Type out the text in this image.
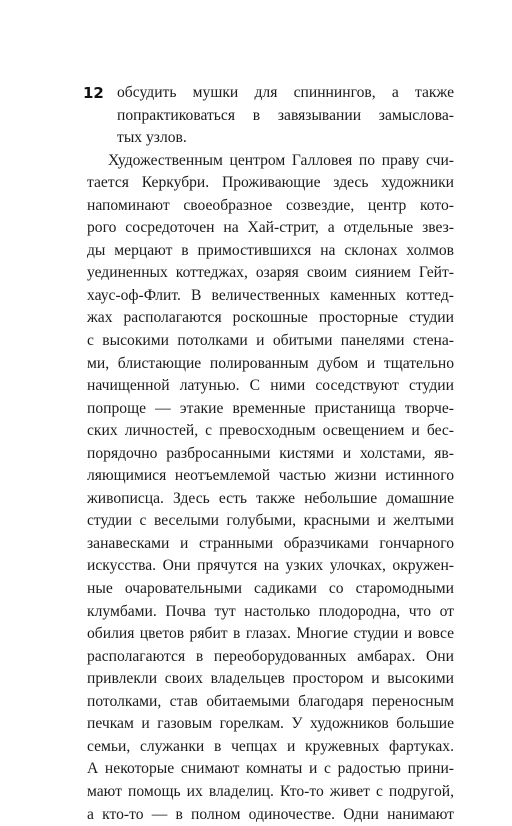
12 обсудить мушки для спиннингов, а также
попрактиковаться в завязывании замыслова-
тых узлов.
Художественным центром Галловея по праву счи-
тается Керкубри. Проживающие здесь художники
напоминают своеобразное созвездие, центр кото-
рого сосредоточен на Хай-стрит, а отдельные звез-
ды мерцают в примостившихся на склонах холмов
уединенных коттеджах, озаряя своим сиянием Гейт-
хаус-оф-Флит. В величественных каменных коттед-
жах располагаются роскошные просторные студии
с высокими потолками и обитыми панелями стена-
ми, блистающие полированным дубом и тщательно
начищенной латунью. С ними соседствуют студии
попроще — этакие временные пристанища творче-
ских личностей, с превосходным освещением и бес-
порядочно разбросанными кистями и холстами, яв-
ляющимися неотъемлемой частью жизни истинного
живописца. Здесь есть также небольшие домашние
студии с веселыми голубыми, красными и желтыми
занавесками и странными образчиками гончарного
искусства. Они прячутся на узких улочках, окружен-
ные очаровательными садиками со старомодными
клумбами. Почва тут настолько плодородна, что от
обилия цветов рябит в глазах. Многие студии и вовсе
располагаются в переоборудованных амбарах. Они
привлекли своих владельцев простором и высокими
потолками, став обитаемыми благодаря переносным
печкам и газовым горелкам. У художников большие
семьи, служанки в чепцах и кружевных фартуках.
А некоторые снимают комнаты и с радостью прини-
мают помощь их владелиц. Кто-то живет с подругой,
а кто-то — в полном одиночестве. Одни нанимают
